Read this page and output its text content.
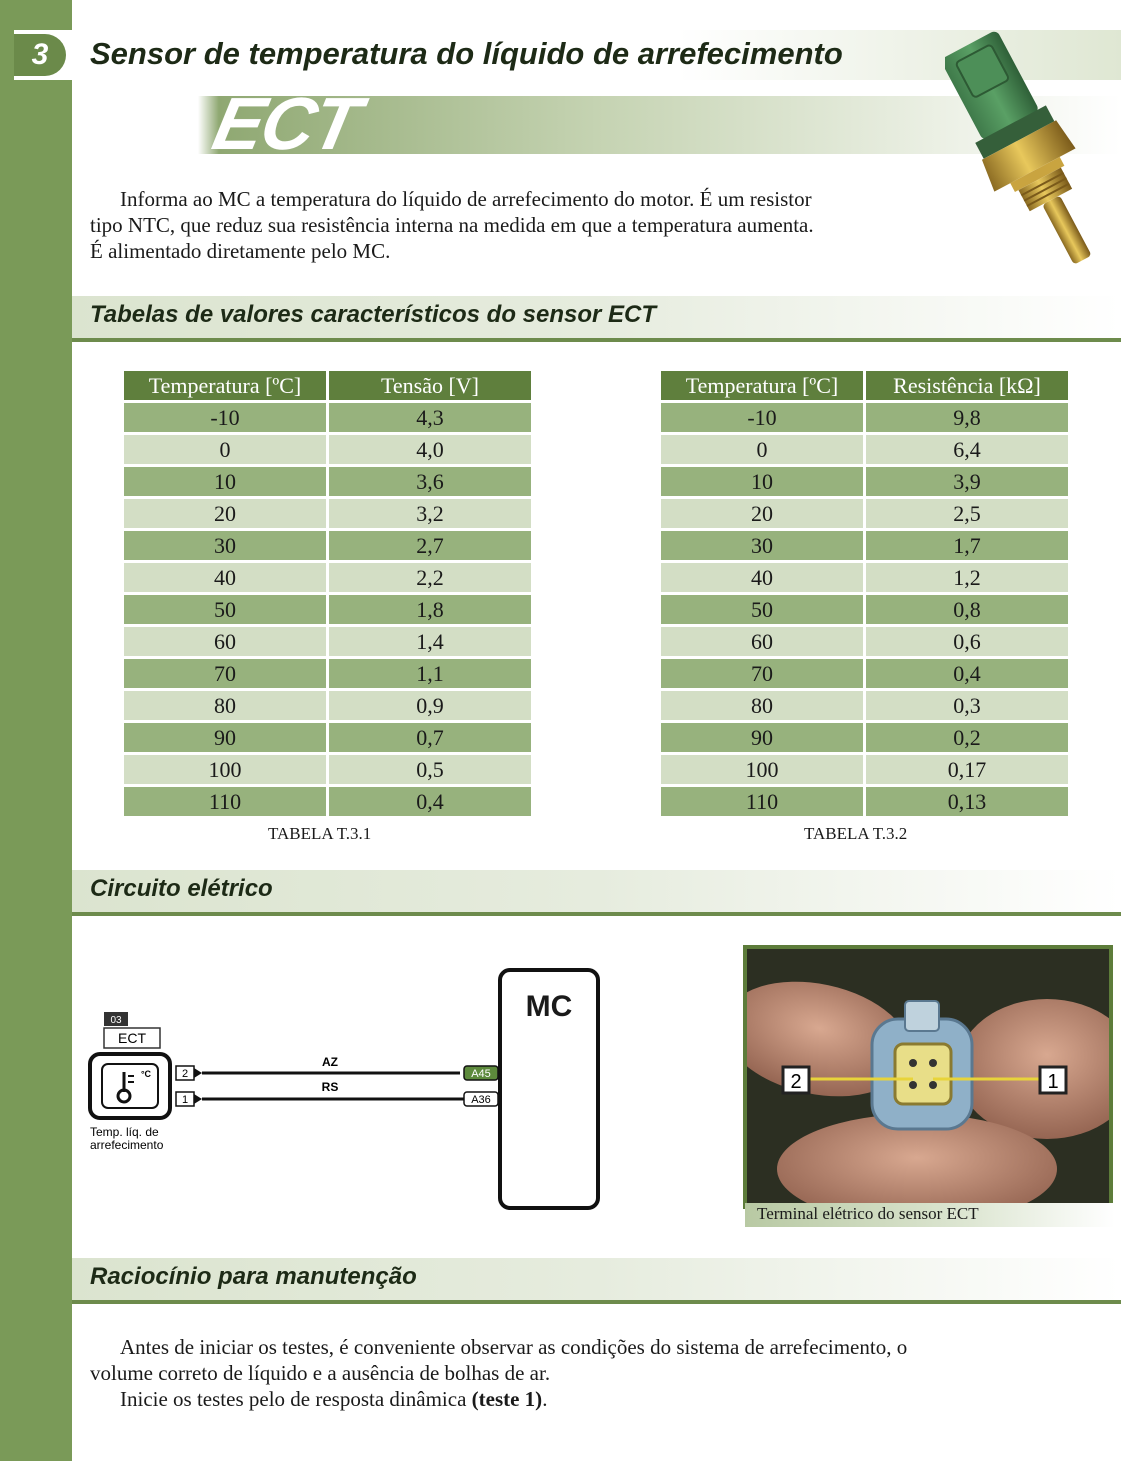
3	Sensor de temperatura do líquido de arrefecimento
ECT

Informa ao MC a temperatura do líquido de arrefecimento do motor. É um resistor

tipo NTC, que reduz sua resistência interna na medida em que a temperatura aumenta.

É alimentado diretamente pelo MC.

Tabelas de valores característicos do sensor ECT
Temperatura [ºC]	Tensão [V]
-10	4,3
0	4,0
10	3,6
20	3,2
30	2,7
40	2,2
50	1,8
60	1,4
70	1,1
80	0,9
90	0,7
100	0,5
110	0,4
TABELA T.3.1
Temperatura [ºC]	Resistência [kΩ]
-10	9,8
0	6,4
10	3,9
20	2,5
30	1,7
40	1,2
50	0,8
60	0,6
70	0,4
80	0,3
90	0,2
100	0,17
110	0,13
TABELA T.3.2
Circuito elétrico
03
ECT
°C	2
1
AZ
RS
A45
A36
Temp. líq. de
arrefecimento
MC
2	1
Terminal elétrico do sensor ECT
Raciocínio para manutenção

Antes de iniciar os testes, é conveniente observar as condições do sistema de arrefecimento, o

volume correto de líquido e a ausência de bolhas de ar.

Inicie os testes pelo de resposta dinâmica (teste 1).
